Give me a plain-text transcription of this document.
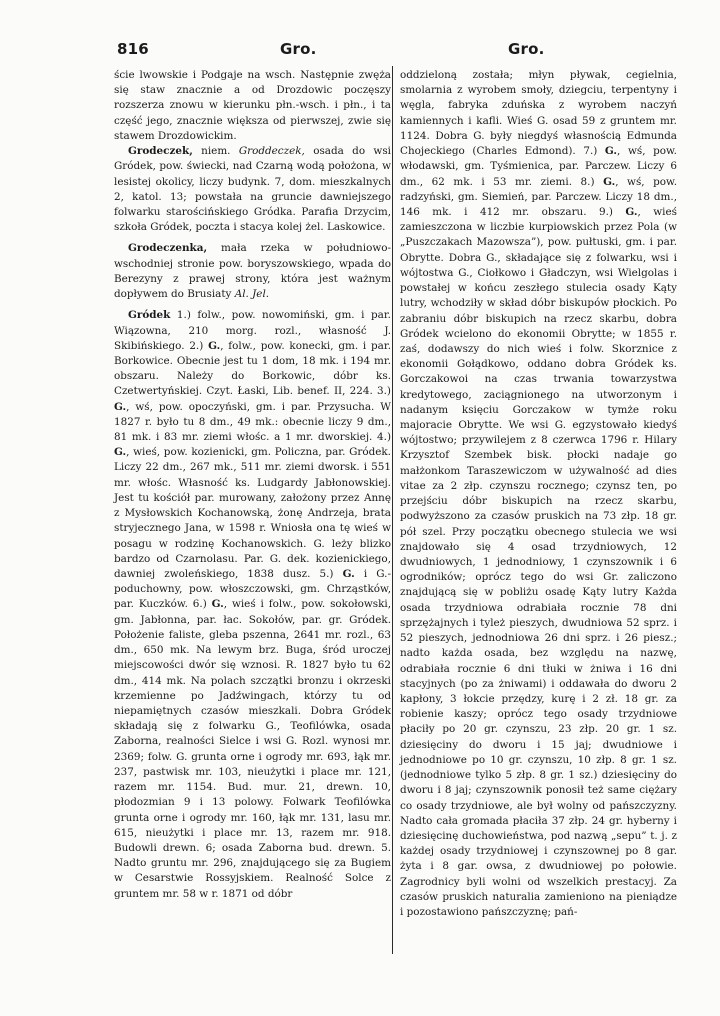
816	Gro.	Gro.

ście lwowskie i Podgaje na wsch. Następnie zwęża się staw znacznie a od Drozdowic poczęszy rozszerza znowu w kierunku płn.-wsch. i płn., i ta część jego, znacznie większa od pierwszej, zwie się stawem Drozdowickim.

Grodeczek, niem. Groddeczek, osada do wsi Gródek, pow. świecki, nad Czarną wodą położona, w lesistej okolicy, liczy budynk. 7, dom. mieszkalnych 2, katol. 13; powstała na gruncie dawniejszego folwarku starościńskiego Gródka. Parafia Drzycim, szkoła Gródek, poczta i stacya kolej żel. Laskowice.

Grodeczenka, mała rzeka w południowo-wschodniej stronie pow. boryszowskiego, wpada do Berezyny z prawej strony, która jest ważnym dopływem do Brusiaty Al. Jel.

Gródek 1.) folw., pow. nowomiński, gm. i par. Wiązowna, 210 morg. rozl., własność J. Skibińskiego. 2.) G., folw., pow. konecki, gm. i par. Borkowice. Obecnie jest tu 1 dom, 18 mk. i 194 mr. obszaru. Należy do Borkowic, dóbr ks. Czetwertyńskiej. Czyt. Łaski, Lib. benef. II, 224. 3.) G., wś, pow. opoczyński, gm. i par. Przysucha. W 1827 r. było tu 8 dm., 49 mk.: obecnie liczy 9 dm., 81 mk. i 83 mr. ziemi włośc. a 1 mr. dworskiej. 4.) G., wieś, pow. kozienicki, gm. Policzna, par. Gródek. Liczy 22 dm., 267 mk., 511 mr. ziemi dworsk. i 551 mr. włośc. Własność ks. Ludgardy Jabłonowskiej. Jest tu kościół par. murowany, założony przez Annę z Mysłowskich Kochanowską, żonę Andrzeja, brata stryjecznego Jana, w 1598 r. Wniosła ona tę wieś w posagu w rodzinę Kochanowskich. G. leży blizko bardzo od Czarnolasu. Par. G. dek. kozienickiego, dawniej zwoleńskiego, 1838 dusz. 5.) G. i G.-poduchowny, pow. włoszczowski, gm. Chrząstków, par. Kuczków. 6.) G., wieś i folw., pow. sokołowski, gm. Jabłonna, par. łac. Sokołów, par. gr. Gródek. Położenie faliste, gleba pszenna, 2641 mr. rozl., 63 dm., 650 mk. Na lewym brz. Buga, śród uroczej miejscowości dwór się wznosi. R. 1827 było tu 62 dm., 414 mk. Na polach szczątki bronzu i okrzeski krzemienne po Jadźwingach, którzy tu od niepamiętnych czasów mieszkali. Dobra Gródek składają się z folwarku G., Teofilówka, osada Zaborna, realności Sielce i wsi G. Rozl. wynosi mr. 2369; folw. G. grunta orne i ogrody mr. 693, łąk mr. 237, pastwisk mr. 103, nieużytki i place mr. 121, razem mr. 1154. Bud. mur. 21, drewn. 10, płodozmian 9 i 13 polowy. Folwark Teofilówka grunta orne i ogrody mr. 160, łąk mr. 131, lasu mr. 615, nieużytki i place mr. 13, razem mr. 918. Budowli drewn. 6; osada Zaborna bud. drewn. 5. Nadto gruntu mr. 296, znajdującego się za Bugiem w Cesarstwie Rossyjskiem. Realność Solce z gruntem mr. 58 w r. 1871 od dóbr

oddzieloną została; młyn pływak, cegielnia, smolarnia z wyrobem smoły, dziegciu, terpentyny i węgla, fabryka zduńska z wyrobem naczyń kamiennych i kafli. Wieś G. osad 59 z gruntem mr. 1124. Dobra G. były niegdyś własnością Edmunda Chojeckiego (Charles Edmond). 7.) G., wś, pow. włodawski, gm. Tyśmienica, par. Parczew. Liczy 6 dm., 62 mk. i 53 mr. ziemi. 8.) G., wś, pow. radzyński, gm. Siemień, par. Parczew. Liczy 18 dm., 146 mk. i 412 mr. obszaru. 9.) G., wieś zamieszczona w liczbie kurpiowskich przez Pola (w „Puszczakach Mazowsza”), pow. pułtuski, gm. i par. Obrytte. Dobra G., składające się z folwarku, wsi i wójtostwa G., Ciołkowo i Gładczyn, wsi Wielgolas i powstałej w końcu zeszłego stulecia osady Kąty lutry, wchodziły w skład dóbr biskupów płockich. Po zabraniu dóbr biskupich na rzecz skarbu, dobra Gródek wcielono do ekonomii Obrytte; w 1855 r. zaś, dodawszy do nich wieś i folw. Skorznice z ekonomii Gołądkowo, oddano dobra Gródek ks. Gorczakowoi na czas trwania towarzystwa kredytowego, zaciągnionego na utworzonym i nadanym księciu Gorczakow w tymże roku majoracie Obrytte. We wsi G. egzystowało kiedyś wójtostwo; przywilejem z 8 czerwca 1796 r. Hilary Krzysztof Szembek bisk. płocki nadaje go małżonkom Taraszewiczom w używalność ad dies vitae za 2 złp. czynszu rocznego; czynsz ten, po przejściu dóbr biskupich na rzecz skarbu, podwyższono za czasów pruskich na 73 złp. 18 gr. pół szel. Przy początku obecnego stulecia we wsi znajdowało się 4 osad trzydniowych, 12 dwudniowych, 1 jednodniowy, 1 czynszownik i 6 ogrodników; oprócz tego do wsi Gr. zaliczono znajdującą się w pobliżu osadę Kąty lutry Każda osada trzydniowa odrabiała rocznie 78 dni sprzężajnych i tyleż pieszych, dwudniowa 52 sprz. i 52 pieszych, jednodniowa 26 dni sprz. i 26 piesz.; nadto każda osada, bez względu na nazwę, odrabiała rocznie 6 dni tłuki w żniwa i 16 dni stacyjnych (po za żniwami) i oddawała do dworu 2 kapłony, 3 łokcie przędzy, kurę i 2 zł. 18 gr. za robienie kaszy; oprócz tego osady trzydniowe płaciły po 20 gr. czynszu, 23 złp. 20 gr. 1 sz. dziesięciny do dworu i 15 jaj; dwudniowe i jednodniowe po 10 gr. czynszu, 10 złp. 8 gr. 1 sz. (jednodniowe tylko 5 złp. 8 gr. 1 sz.) dziesięciny do dworu i 8 jaj; czynszownik ponosił też same ciężary co osady trzydniowe, ale był wolny od pańszczyzny. Nadto cała gromada płaciła 37 złp. 24 gr. hyberny i dziesięcinę duchowieństwa, pod nazwą „sepu” t. j. z każdej osady trzydniowej i czynszownej po 8 gar. żyta i 8 gar. owsa, z dwudniowej po połowie. Zagrodnicy byli wolni od wszelkich prestacyj. Za czasów pruskich naturalia zamieniono na pieniądze i pozostawiono pańszczyznę; pań-
